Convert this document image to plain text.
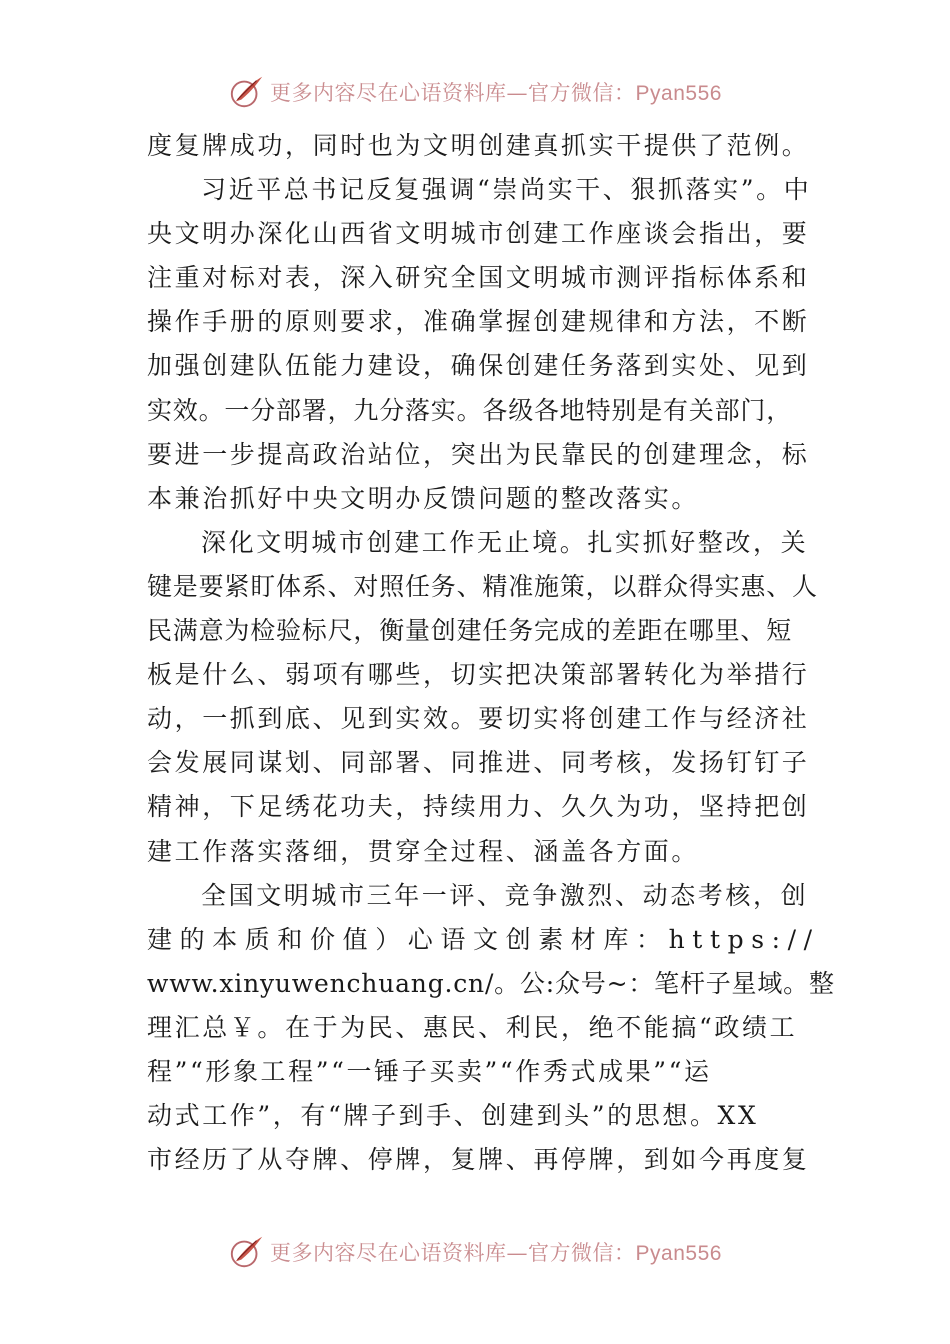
更多内容尽在心语资料库—官方微信：Pyan556
度复牌成功，同时也为文明创建真抓实干提供了范例。
习近平总书记反复强调“崇尚实干、狠抓落实”。中
央文明办深化山西省文明城市创建工作座谈会指出，要
注重对标对表，深入研究全国文明城市测评指标体系和
操作手册的原则要求，准确掌握创建规律和方法，不断
加强创建队伍能力建设，确保创建任务落到实处、见到
实效。一分部署，九分落实。各级各地特别是有关部门，
要进一步提高政治站位，突出为民靠民的创建理念，标
本兼治抓好中央文明办反馈问题的整改落实。
深化文明城市创建工作无止境。扎实抓好整改，关
键是要紧盯体系、对照任务、精准施策，以群众得实惠、人
民满意为检验标尺，衡量创建任务完成的差距在哪里、短
板是什么、弱项有哪些，切实把决策部署转化为举措行
动，一抓到底、见到实效。要切实将创建工作与经济社
会发展同谋划、同部署、同推进、同考核，发扬钉钉子
精神，下足绣花功夫，持续用力、久久为功，坚持把创
建工作落实落细，贯穿全过程、涵盖各方面。
全国文明城市三年一评、竞争激烈、动态考核，创
建的本质和价值）心语文创素材库：https://
www.xinyuwenchuang.cn/。公:众号~：笔杆子星域。整
理汇总￥。在于为民、惠民、利民，绝不能搞“政绩工
程”“形象工程”“一锤子买卖”“作秀式成果”“运
动式工作”，有“牌子到手、创建到头”的思想。XX
市经历了从夺牌、停牌，复牌、再停牌，到如今再度复
更多内容尽在心语资料库—官方微信：Pyan556
